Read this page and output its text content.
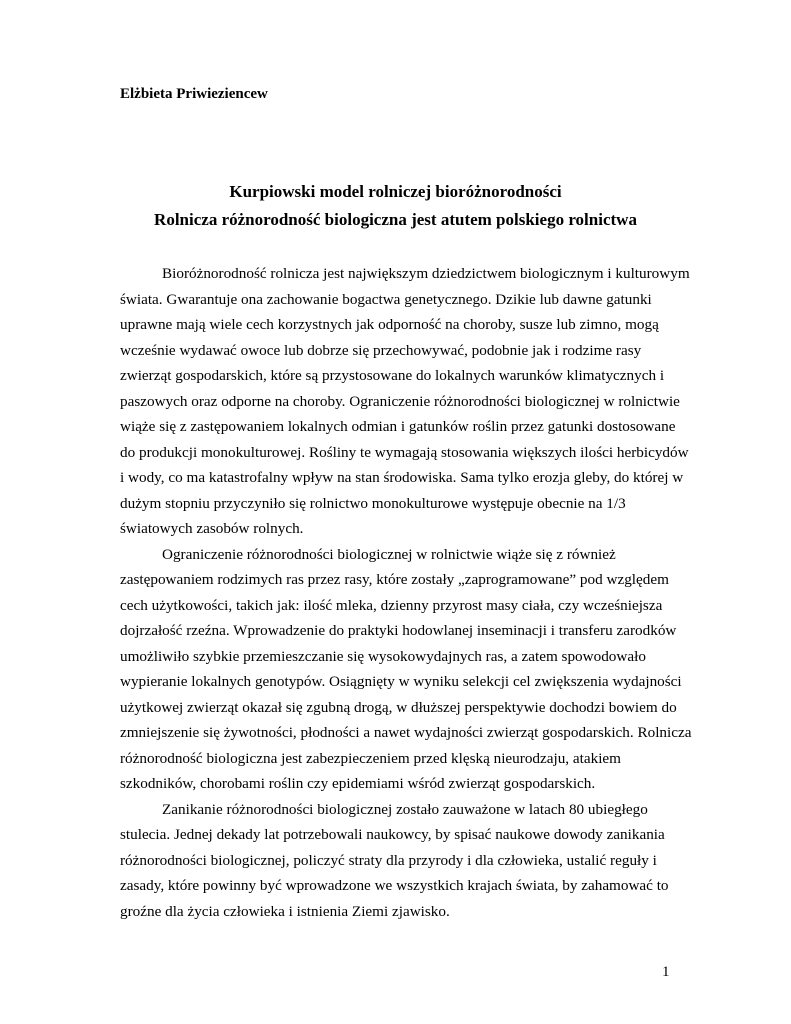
Elżbieta Priwieziencew
Kurpiowski model rolniczej bioróżnorodności
Rolnicza różnorodność biologiczna jest atutem polskiego rolnictwa

Bioróżnorodność rolnicza jest największym dziedzictwem biologicznym i kulturowym
świata. Gwarantuje ona zachowanie bogactwa genetycznego. Dzikie lub dawne gatunki
uprawne mają wiele cech korzystnych jak odporność na choroby, susze lub zimno, mogą
wcześnie wydawać owoce lub dobrze się przechowywać, podobnie jak i rodzime rasy
zwierząt gospodarskich, które są przystosowane do lokalnych warunków klimatycznych i
paszowych oraz odporne na choroby. Ograniczenie różnorodności biologicznej w rolnictwie
wiąże się z zastępowaniem lokalnych odmian i gatunków roślin przez gatunki dostosowane
do produkcji monokulturowej. Rośliny te wymagają stosowania większych ilości herbicydów
i wody, co ma katastrofalny wpływ na stan środowiska. Sama tylko erozja gleby, do której w
dużym stopniu przyczyniło się rolnictwo monokulturowe występuje obecnie na 1/3
światowych zasobów rolnych.

Ograniczenie różnorodności biologicznej w rolnictwie wiąże się z również
zastępowaniem rodzimych ras przez rasy, które zostały „zaprogramowane” pod względem
cech użytkowości, takich jak: ilość mleka, dzienny przyrost masy ciała, czy wcześniejsza
dojrzałość rzeźna. Wprowadzenie do praktyki hodowlanej inseminacji i transferu zarodków
umożliwiło szybkie przemieszczanie się wysokowydajnych ras, a zatem spowodowało
wypieranie lokalnych genotypów. Osiągnięty w wyniku selekcji cel zwiększenia wydajności
użytkowej zwierząt okazał się zgubną drogą, w dłuższej perspektywie dochodzi bowiem do
zmniejszenie się żywotności, płodności a nawet wydajności zwierząt gospodarskich. Rolnicza
różnorodność biologiczna jest zabezpieczeniem przed klęską nieurodzaju, atakiem
szkodników, chorobami roślin czy epidemiami wśród zwierząt gospodarskich.

Zanikanie różnorodności biologicznej zostało zauważone w latach 80 ubiegłego
stulecia. Jednej dekady lat potrzebowali naukowcy, by spisać naukowe dowody zanikania
różnorodności biologicznej, policzyć straty dla przyrody i dla człowieka, ustalić reguły i
zasady, które powinny być wprowadzone we wszystkich krajach świata, by zahamować to
groźne dla życia człowieka i istnienia Ziemi zjawisko.

1
